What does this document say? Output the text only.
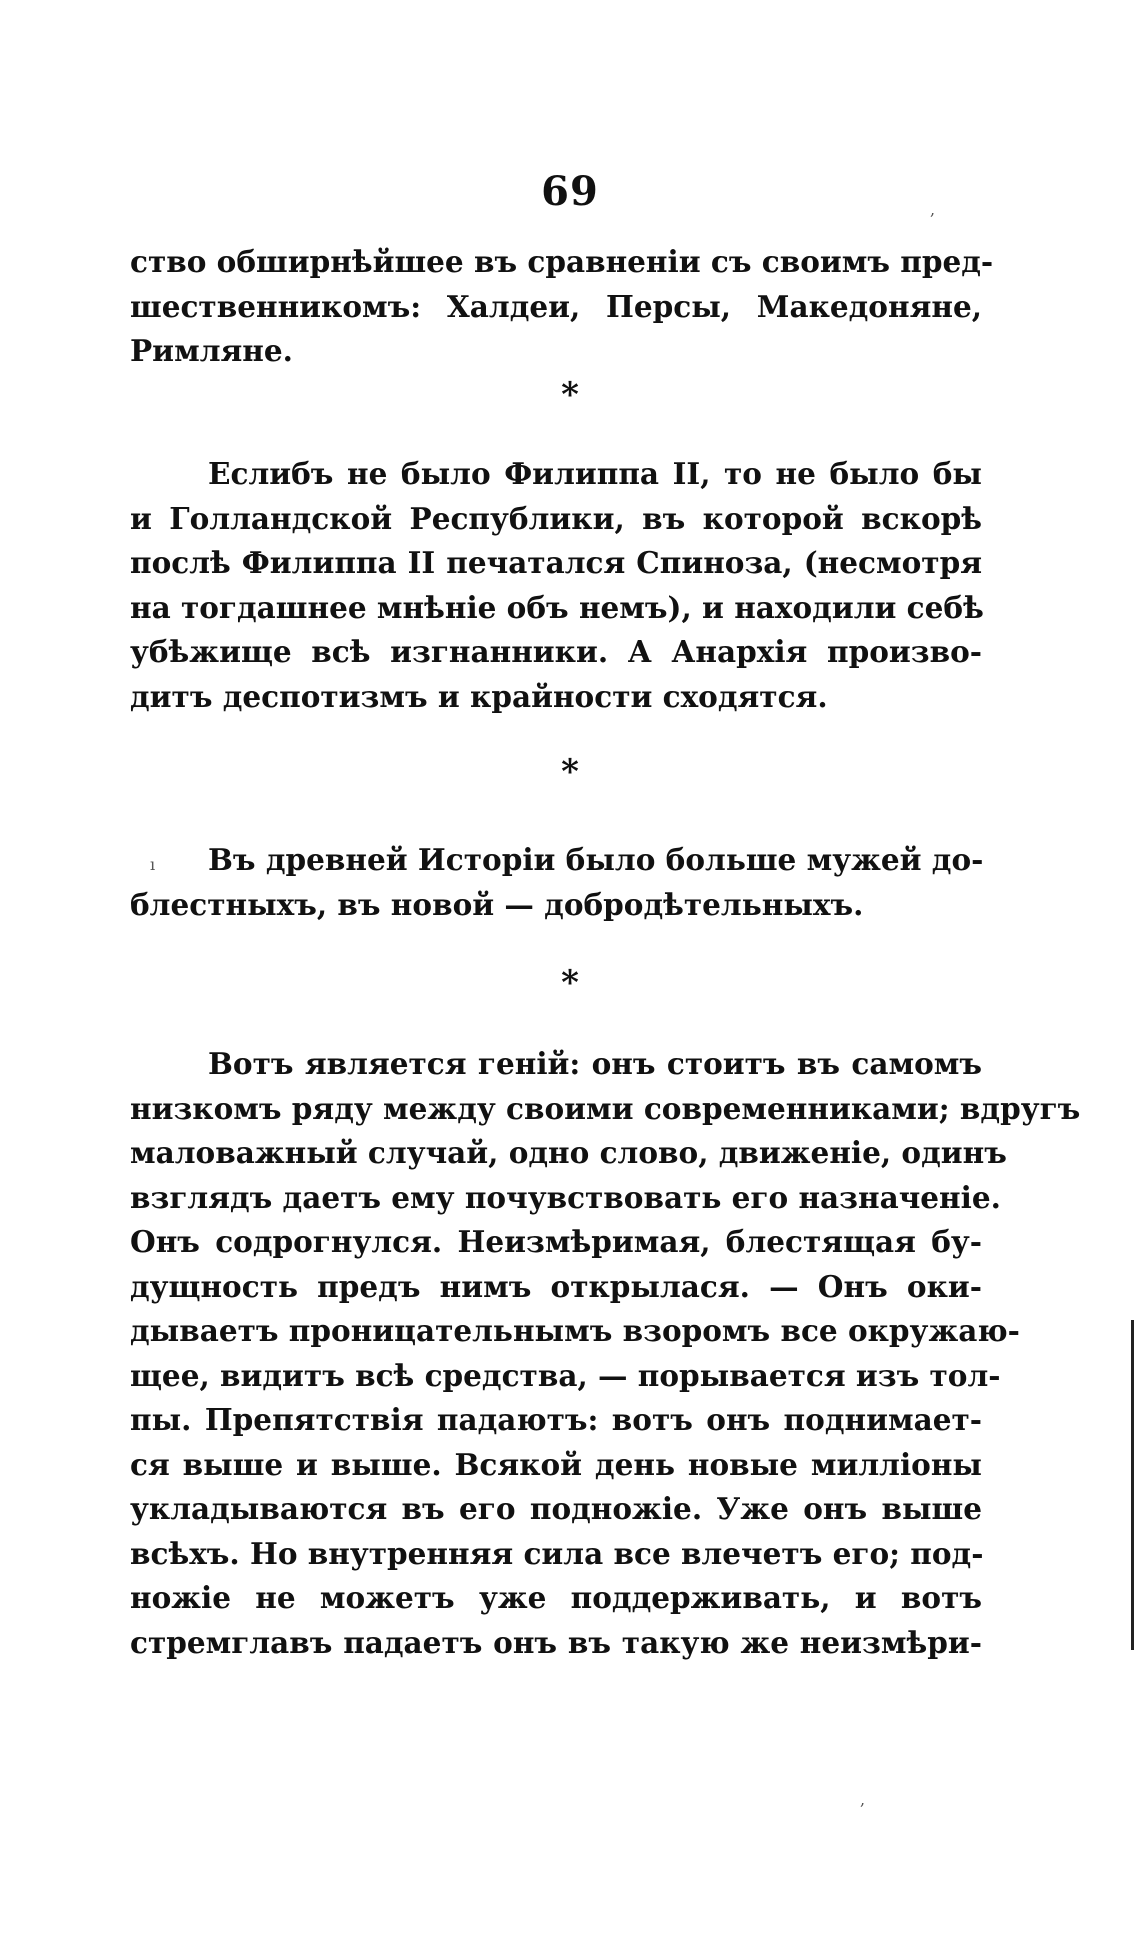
69
ство обширнѣйшее въ сравненіи съ своимъ пред-
шественникомъ: Халдеи, Персы, Македоняне,
Римляне.
*
Еслибъ не было Филиппа II, то не было бы
и Голландской Республики, въ которой вскорѣ
послѣ Филиппа II печатался Спиноза, (несмотря
на тогдашнее мнѣніе объ немъ), и находили себѣ
убѣжище всѣ изгнанники. А Анархія произво-
дитъ деспотизмъ и крайности сходятся.
*
Въ древней Исторіи было больше мужей до-
блестныхъ, въ новой — добродѣтельныхъ.
*
Вотъ является геній: онъ стоитъ въ самомъ
низкомъ ряду между своими современниками; вдругъ
маловажный случай, одно слово, движеніе, одинъ
взглядъ даетъ ему почувствовать его назначеніе.
Онъ содрогнулся. Неизмѣримая, блестящая бу-
дущность предъ нимъ открылася. — Онъ оки-
дываетъ проницательнымъ взоромъ все окружаю-
щее, видитъ всѣ средства, — порывается изъ тол-
пы. Препятствія падаютъ: вотъ онъ поднимает-
ся выше и выше. Всякой день новые милліоны
укладываются въ его подножіе. Уже онъ выше
всѣхъ. Но внутренняя сила все влечетъ его; под-
ножіе не можетъ уже поддерживать, и вотъ
стремглавъ падаетъ онъ въ такую же неизмѣри-
,
,
ı
